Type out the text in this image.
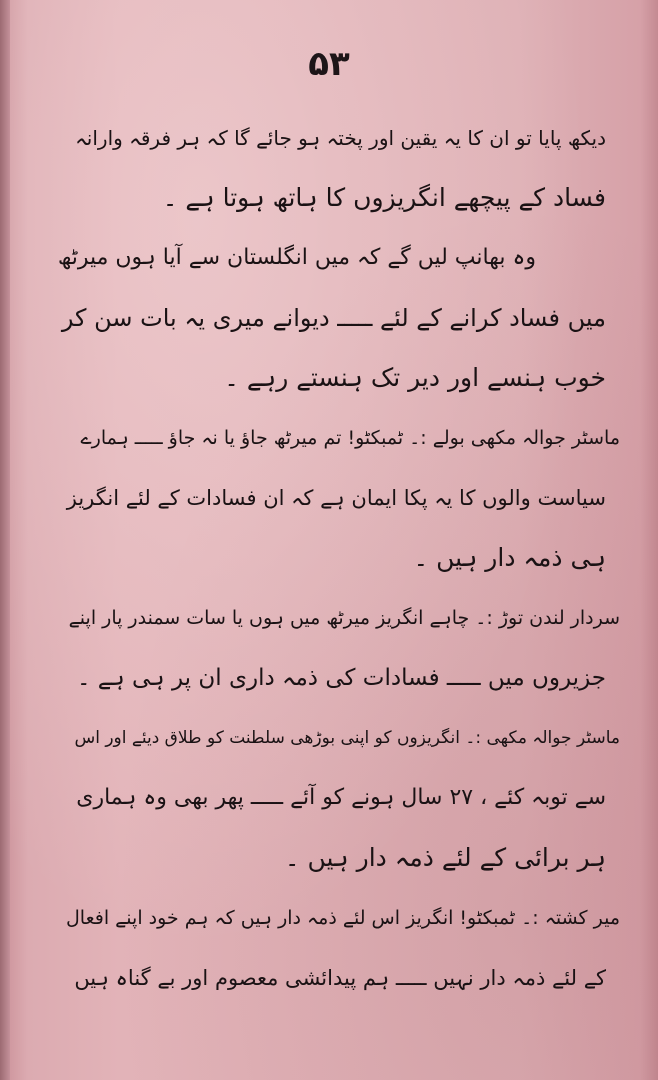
۵۳
دیکھ پایا تو ان کا یہ یقین اور پختہ ہو جائے گا کہ ہر فرقہ وارانہ
فساد کے پیچھے انگریزوں کا ہاتھ ہوتا ہے ۔
وہ بھانپ لیں گے کہ میں انگلستان سے آیا ہوں میرٹھ
میں فساد کرانے کے لئے ـــــ دیوانے میری یہ بات سن کر
خوب ہنسے اور دیر تک ہنستے رہے ۔
ماسٹر جوالہ مکھی بولے :۔ ٹمبکٹو! تم میرٹھ جاؤ یا نہ جاؤ ـــــ ہمارے
سیاست والوں کا یہ پکا ایمان ہے کہ ان فسادات کے لئے انگریز
ہی ذمہ دار ہیں ۔
سردار لندن توڑ :۔ چاہے انگریز میرٹھ میں ہوں یا سات سمندر پار اپنے
جزیروں میں ـــــ فسادات کی ذمہ داری ان پر ہی ہے ۔
ماسٹر جوالہ مکھی :۔ انگریزوں کو اپنی بوڑھی سلطنت کو طلاق دیئے اور اس
سے توبہ کئے ، ۲۷ سال ہونے کو آئے ـــــ پھر بھی وہ ہماری
ہر برائی کے لئے ذمہ دار ہیں ۔
میر کشتہ :۔ ٹمبکٹو! انگریز اس لئے ذمہ دار ہیں کہ ہم خود اپنے افعال
کے لئے ذمہ دار نہیں ـــــ ہم پیدائشی معصوم اور بے گناہ ہیں
